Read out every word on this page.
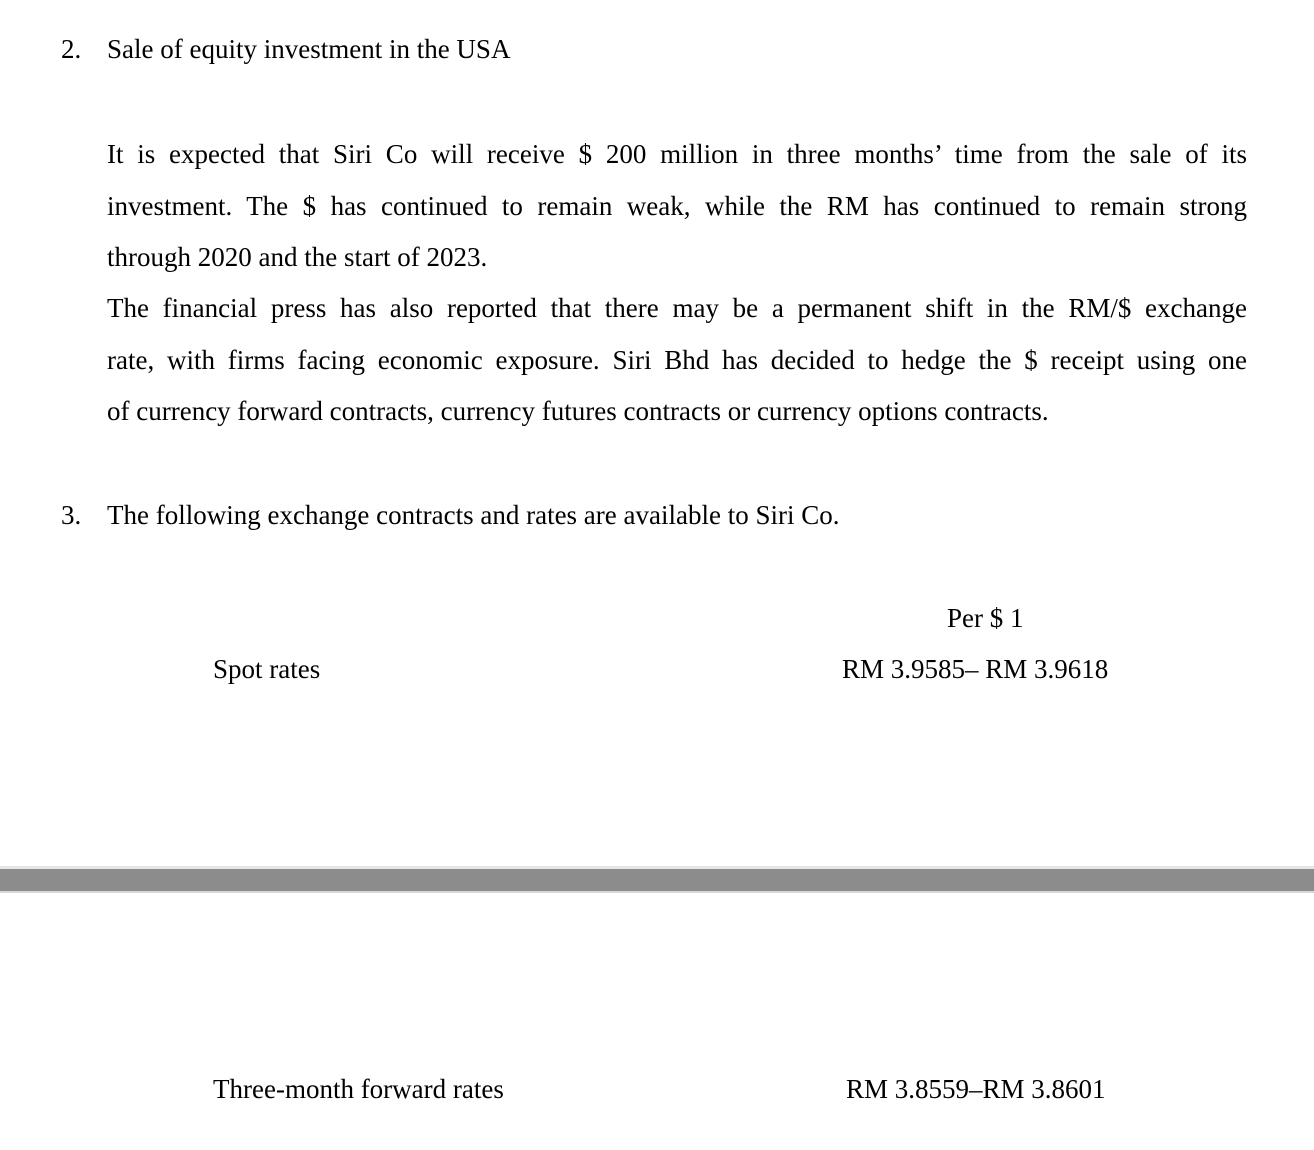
2. Sale of equity investment in the USA
It is expected that Siri Co will receive $ 200 million in three months’ time from the sale of its
investment. The $ has continued to remain weak, while the RM has continued to remain strong
through 2020 and the start of 2023.
The financial press has also reported that there may be a permanent shift in the RM/$ exchange
rate, with firms facing economic exposure. Siri Bhd has decided to hedge the $ receipt using one
of currency forward contracts, currency futures contracts or currency options contracts.
3. The following exchange contracts and rates are available to Siri Co.
Per $ 1
Spot rates	RM 3.9585– RM 3.9618
Three-month forward rates	RM 3.8559–RM 3.8601
